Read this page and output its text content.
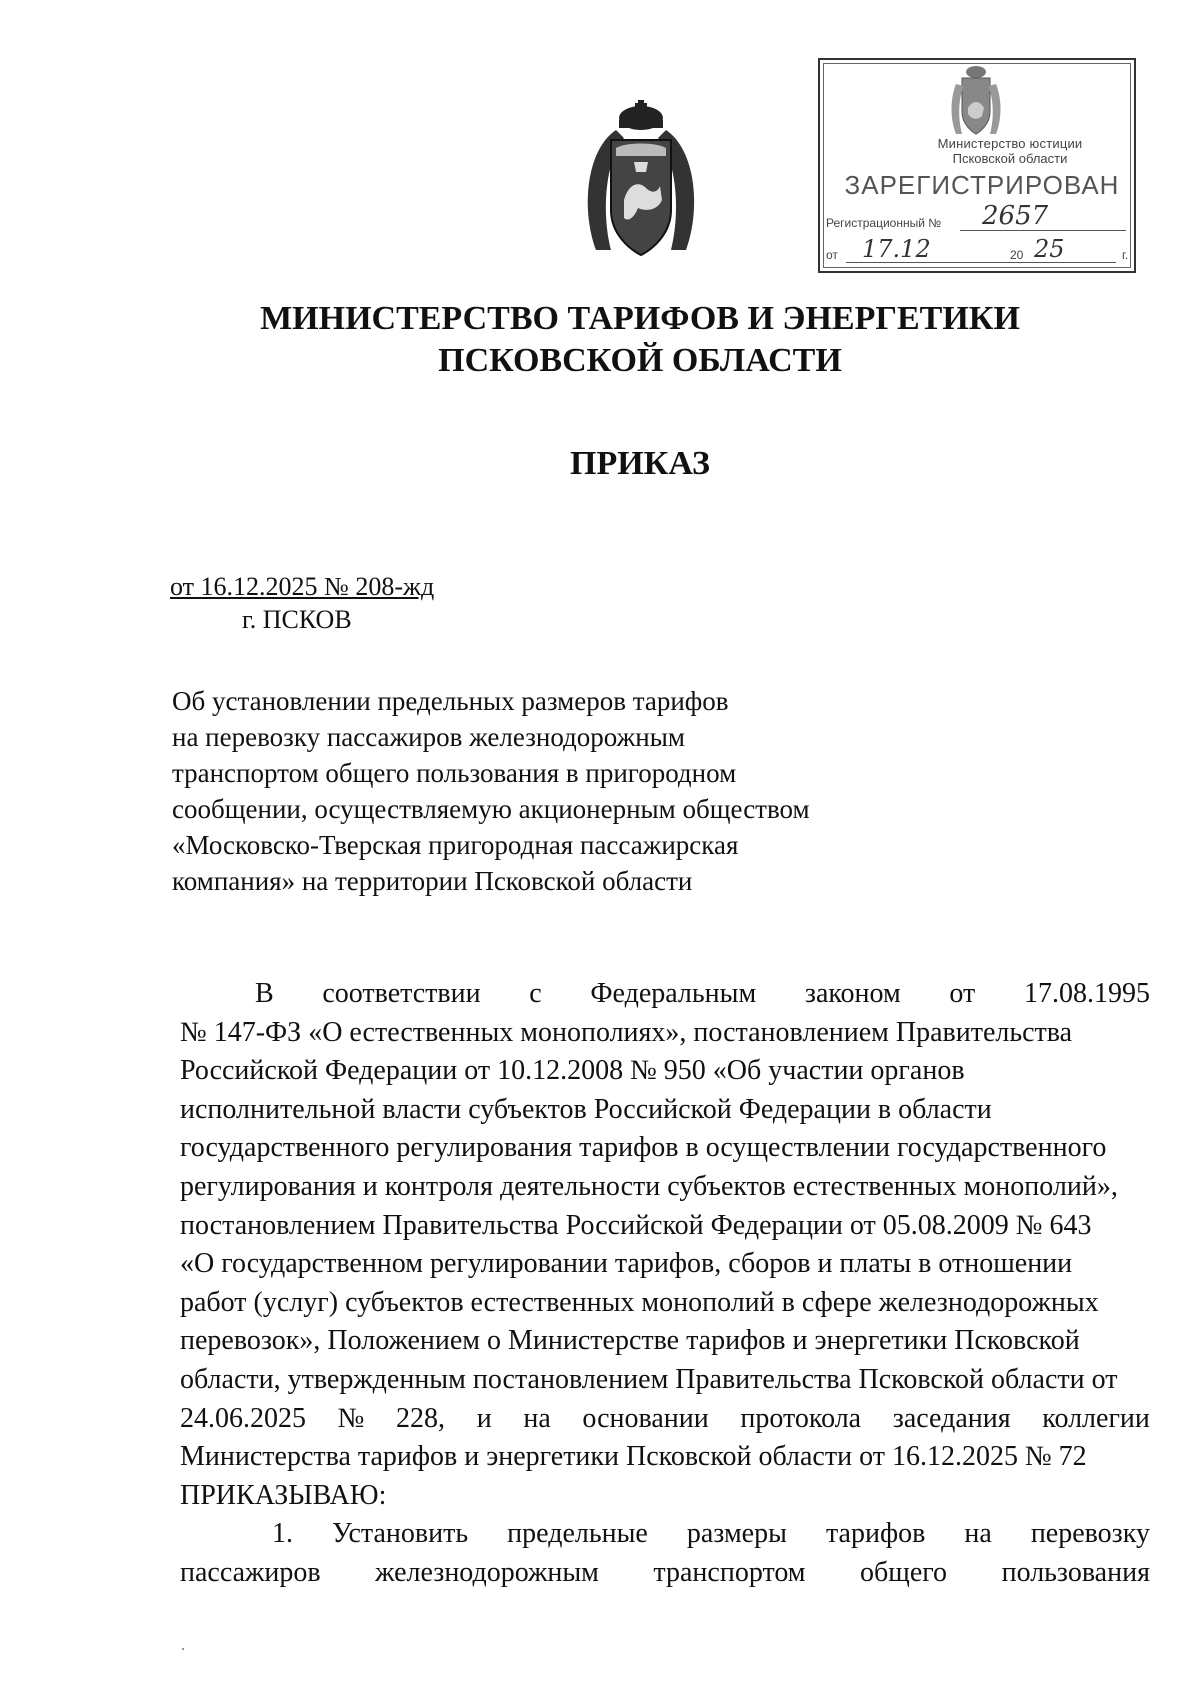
Министерство юстиции
Псковской области
ЗАРЕГИСТРИРОВАН
Регистрационный № 2657
от 17.12	20 25	г.
МИНИСТЕРСТВО ТАРИФОВ И ЭНЕРГЕТИКИ
ПСКОВСКОЙ ОБЛАСТИ
ПРИКАЗ
от 16.12.2025 № 208-жд
г. ПСКОВ
Об установлении предельных размеров тарифов
на перевозку пассажиров железнодорожным
транспортом общего пользования в пригородном
сообщении, осуществляемую акционерным обществом
«Московско-Тверская пригородная пассажирская
компания» на территории Псковской области
В соответствии с Федеральным законом от 17.08.1995
№ 147-ФЗ «О естественных монополиях», постановлением Правительства
Российской Федерации от 10.12.2008 № 950 «Об участии органов
исполнительной власти субъектов Российской Федерации в области
государственного регулирования тарифов в осуществлении государственного
регулирования и контроля деятельности субъектов естественных монополий»,
постановлением Правительства Российской Федерации от 05.08.2009 № 643
«О государственном регулировании тарифов, сборов и платы в отношении
работ (услуг) субъектов естественных монополий в сфере железнодорожных
перевозок», Положением о Министерстве тарифов и энергетики Псковской
области, утвержденным постановлением Правительства Псковской области от
24.06.2025 № 228, и на основании протокола заседания коллегии
Министерства тарифов и энергетики Псковской области от 16.12.2025 № 72
ПРИКАЗЫВАЮ:
1. Установить предельные размеры тарифов на перевозку
пассажиров железнодорожным транспортом общего пользования
